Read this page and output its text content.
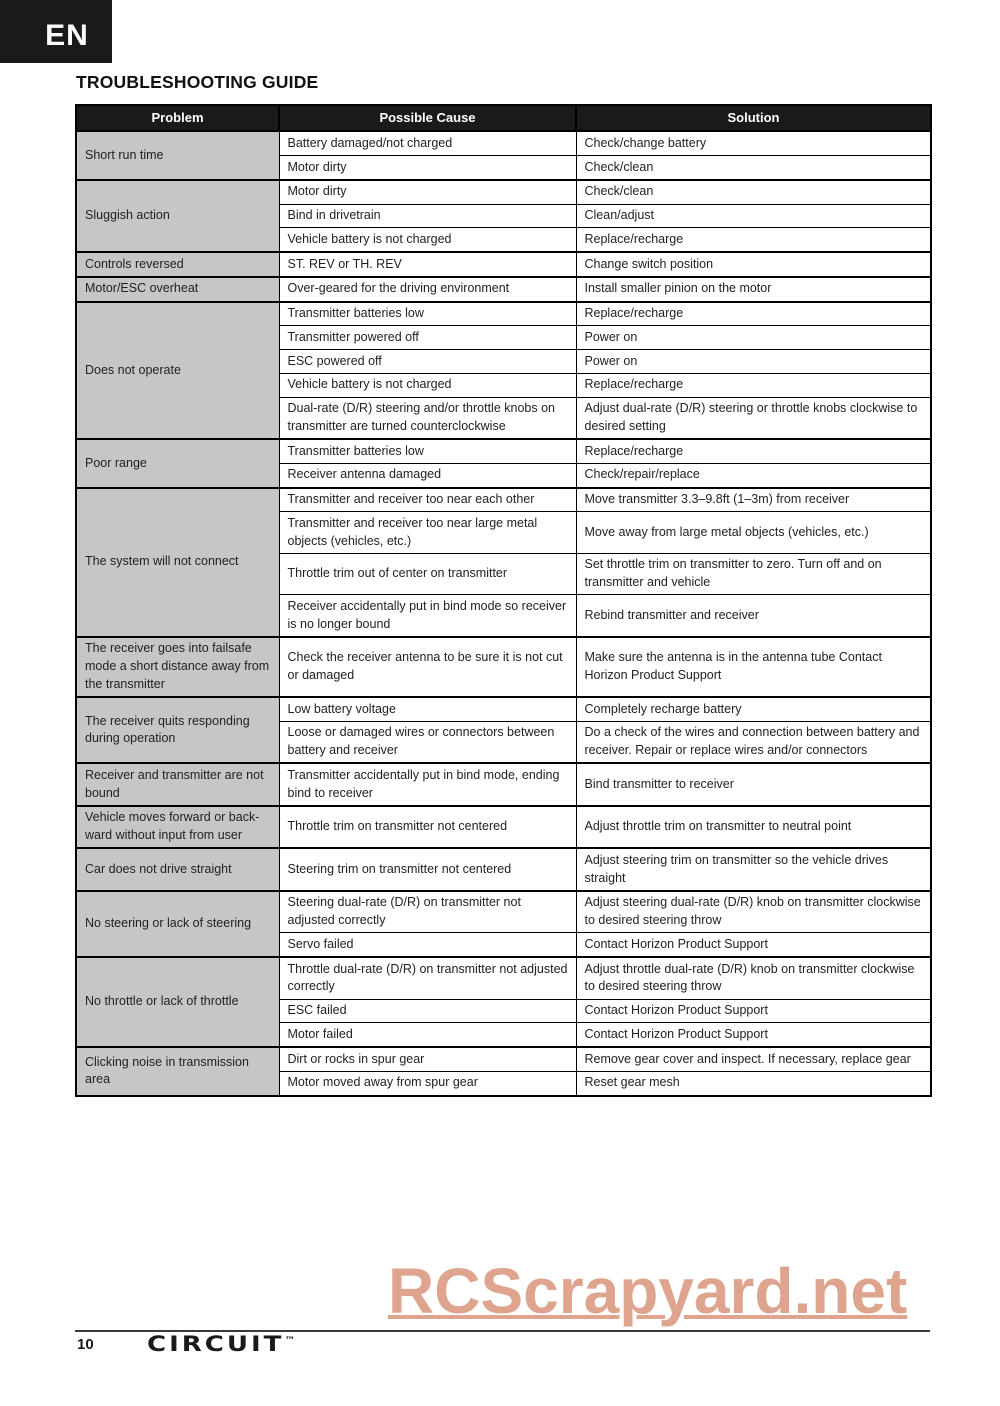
EN
TROUBLESHOOTING GUIDE
Problem	Possible Cause	Solution
Short run time	Battery damaged/not charged	Check/change battery
	Motor dirty	Check/clean
Sluggish action	Motor dirty	Check/clean
	Bind in drivetrain	Clean/adjust
	Vehicle battery is not charged	Replace/recharge
Controls reversed	ST. REV or TH. REV	Change switch position
Motor/ESC overheat	Over-geared for the driving environment	Install smaller pinion on the motor
Does not operate	Transmitter batteries low	Replace/recharge
	Transmitter powered off	Power on
	ESC powered off	Power on
	Vehicle battery is not charged	Replace/recharge
	Dual-rate (D/R) steering and/or throttle knobs on transmitter are turned counterclockwise	Adjust dual-rate (D/R) steering or throttle knobs clockwise to desired setting
Poor range	Transmitter batteries low	Replace/recharge
	Receiver antenna damaged	Check/repair/replace
The system will not connect	Transmitter and receiver too near each other	Move transmitter 3.3–9.8ft (1–3m) from receiver
	Transmitter and receiver too near large metal objects (vehicles, etc.)	Move away from large metal objects (vehicles, etc.)
	Throttle trim out of center on transmitter	Set throttle trim on transmitter to zero. Turn off and on transmitter and vehicle
	Receiver accidentally put in bind mode so receiver is no longer bound	Rebind transmitter and receiver
The receiver goes into failsafe mode a short distance away from the transmitter	Check the receiver antenna to be sure it is not cut or damaged	Make sure the antenna is in the antenna tube Contact Horizon Product Support
The receiver quits responding during operation	Low battery voltage	Completely recharge battery
	Loose or damaged wires or connectors between battery and receiver	Do a check of the wires and connection between battery and receiver. Repair or replace wires and/or connectors
Receiver and transmitter are not bound	Transmitter accidentally put in bind mode, ending bind to receiver	Bind transmitter to receiver
Vehicle moves forward or backward without input from user	Throttle trim on transmitter not centered	Adjust throttle trim on transmitter to neutral point
Car does not drive straight	Steering trim on transmitter not centered	Adjust steering trim on transmitter so the vehicle drives straight
No steering or lack of steering	Steering dual-rate (D/R) on transmitter not adjusted correctly	Adjust steering dual-rate (D/R) knob on transmitter clockwise to desired steering throw
	Servo failed	Contact Horizon Product Support
No throttle or lack of throttle	Throttle dual-rate (D/R) on transmitter not adjusted correctly	Adjust throttle dual-rate (D/R) knob on transmitter clockwise to desired steering throw
	ESC failed	Contact Horizon Product Support
	Motor failed	Contact Horizon Product Support
Clicking noise in transmission area	Dirt or rocks in spur gear	Remove gear cover and inspect. If necessary, replace gear
	Motor moved away from spur gear	Reset gear mesh
RCScrapyard.net
10 CIRCUIT™
